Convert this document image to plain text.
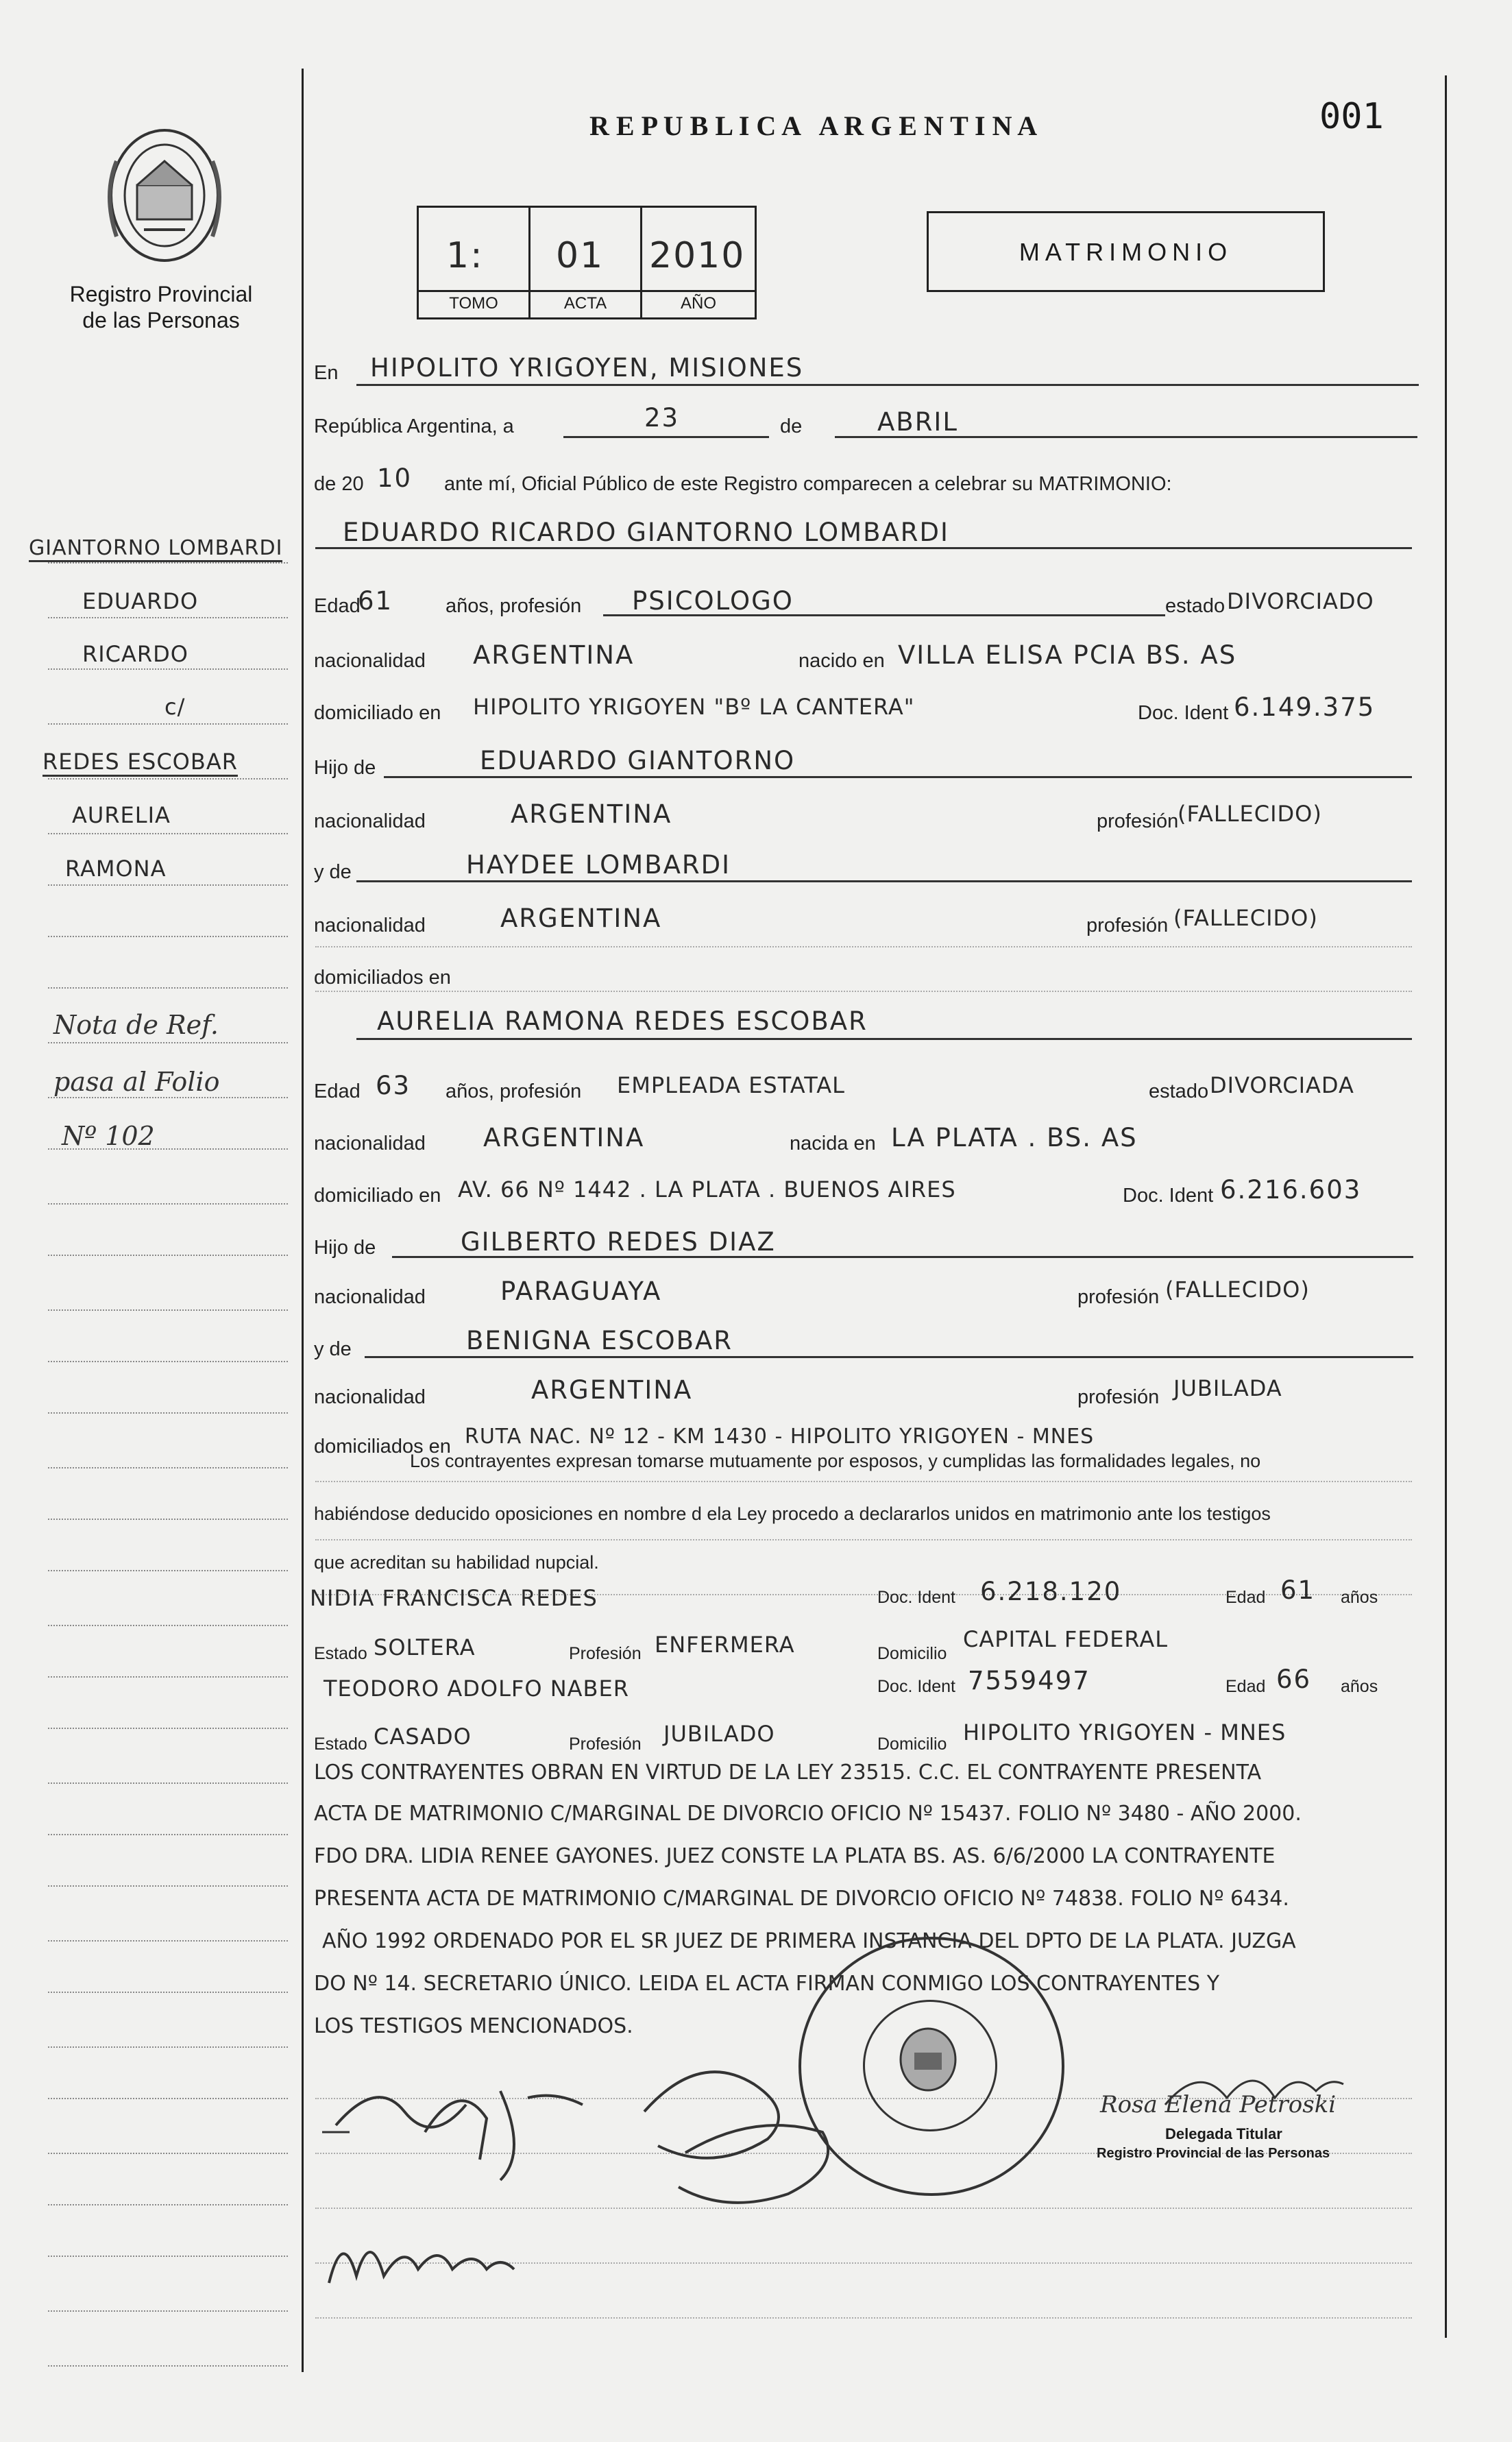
Registro Provincial
de las Personas
R E P U B L I C A   A R G E N T I N A	001
1: 01 2010
TOMO	ACTA	AÑO
MATRIMONIO
GIANTORNO LOMBARDI
EDUARDO
RICARDO
c/
REDES ESCOBAR
AURELIA
RAMONA
Nota de Ref.
pasa al Folio
Nº 102
En HIPOLITO YRIGOYEN, MISIONES
República Argentina, a	23	de	ABRIL
de 20 10 ante mí, Oficial Público de este Registro comparecen a celebrar su MATRIMONIO:
EDUARDO RICARDO GIANTORNO LOMBARDI
Edad
61	años, profesión PSICOLOGO	estado DIVORCIADO
nacionalidad ARGENTINA	nacido en VILLA ELISA PCIA BS. AS
domiciliado en HIPOLITO YRIGOYEN "Bº LA CANTERA"	Doc. Ident 6.149.375
Hijo de	EDUARDO GIANTORNO
nacionalidad	ARGENTINA	profesión
(FALLECIDO)
y de	HAYDEE LOMBARDI
nacionalidad	ARGENTINA	profesión (FALLECIDO)
domiciliados en
AURELIA RAMONA REDES ESCOBAR
Edad 63 años, profesión EMPLEADA ESTATAL	estado DIVORCIADA
nacionalidad ARGENTINA	nacida en LA PLATA . BS. AS
domiciliado en AV. 66 Nº 1442 . LA PLATA . BUENOS AIRES	Doc. Ident 6.216.603
Hijo de	GILBERTO REDES DIAZ
nacionalidad	PARAGUAYA	profesión (FALLECIDO)
y de	BENIGNA ESCOBAR
nacionalidad	ARGENTINA	profesión JUBILADA
domiciliados en RUTA NAC. Nº 12 - KM 1430 - HIPOLITO YRIGOYEN - MNES
Los contrayentes expresan tomarse mutuamente por esposos, y cumplidas las formalidades legales, no
habiéndose deducido oposiciones en nombre d ela Ley procedo a declararlos unidos en matrimonio ante los testigos
que acreditan su habilidad nupcial.
NIDIA FRANCISCA REDES	Doc. Ident 6.218.120	Edad 61 años
Estado SOLTERA	Profesión ENFERMERA	Domicilio
CAPITAL FEDERAL
TEODORO ADOLFO NABER	Doc. Ident 7559497	Edad 66 años
Estado CASADO	Profesión JUBILADO	Domicilio HIPOLITO YRIGOYEN - MNES
LOS CONTRAYENTES OBRAN EN VIRTUD DE LA LEY 23515. C.C. EL CONTRAYENTE PRESENTA
ACTA DE MATRIMONIO C/MARGINAL DE DIVORCIO OFICIO Nº 15437. FOLIO Nº 3480 - AÑO 2000.
FDO DRA. LIDIA RENEE GAYONES. JUEZ CONSTE LA PLATA BS. AS. 6/6/2000 LA CONTRAYENTE
PRESENTA ACTA DE MATRIMONIO C/MARGINAL DE DIVORCIO OFICIO Nº 74838. FOLIO Nº 6434.
AÑO 1992 ORDENADO POR EL SR JUEZ DE PRIMERA INSTANCIA DEL DPTO DE LA PLATA. JUZGA
DO Nº 14. SECRETARIO ÚNICO. LEIDA EL ACTA FIRMAN CONMIGO LOS CONTRAYENTES Y
LOS TESTIGOS MENCIONADOS.
Rosa Elena Petroski
Delegada Titular
Registro Provincial de las Personas
